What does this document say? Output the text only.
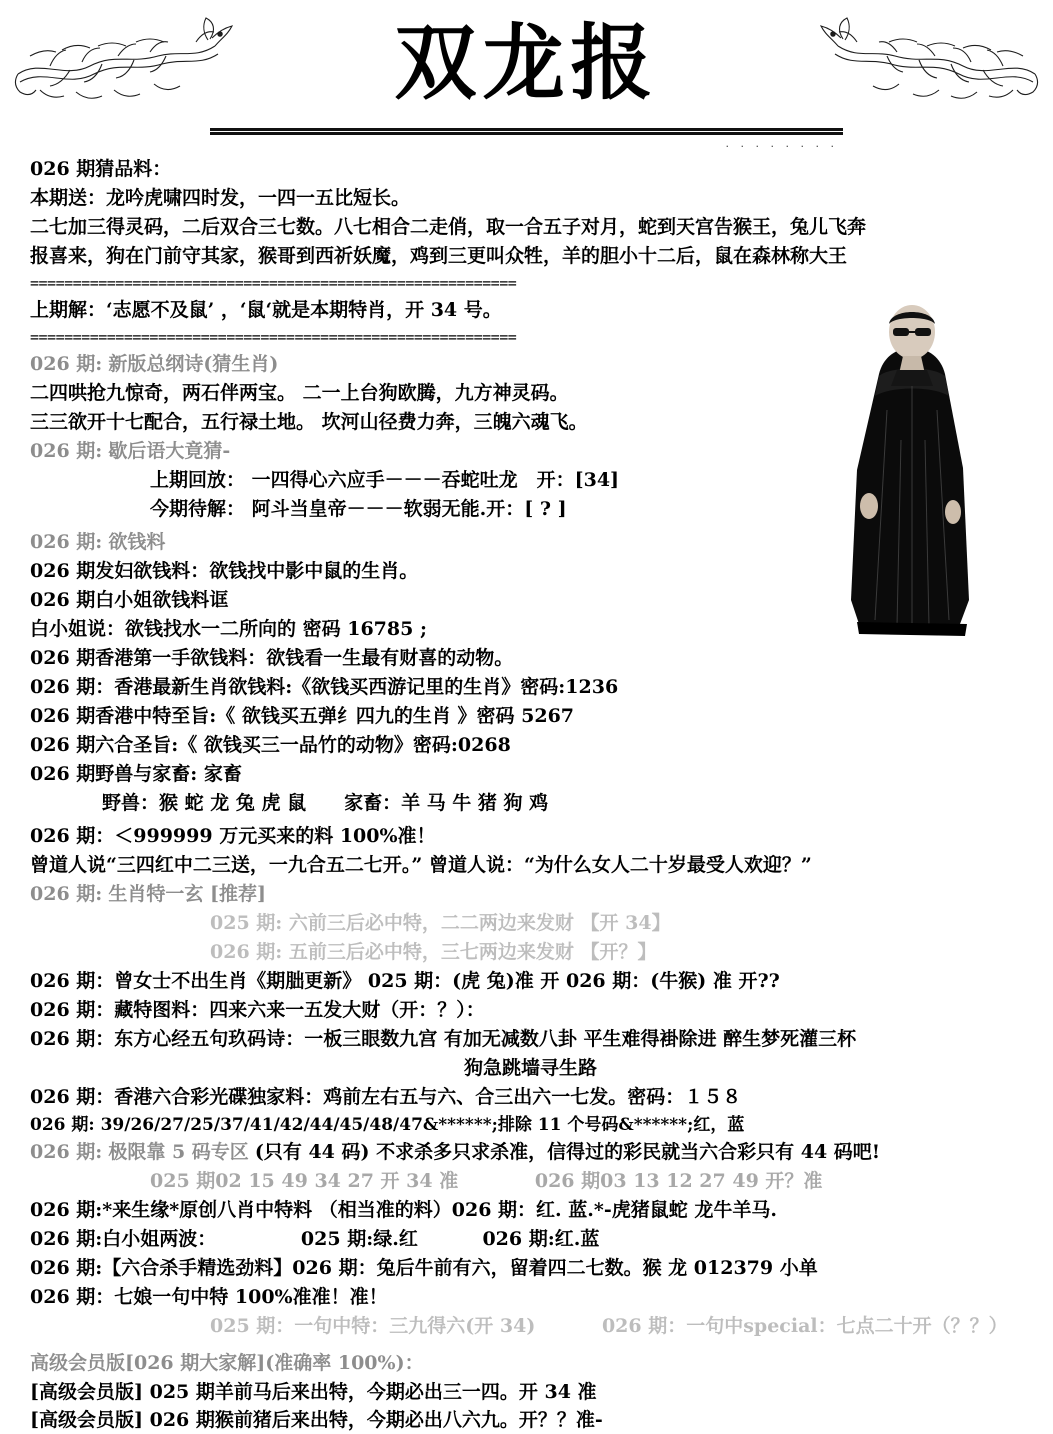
双龙报
· · · · · · · ·
026 期猜品料：
本期送：龙吟虎啸四时发，一四一五比短长。
二七加三得灵码，二后双合三七数。八七相合二走俏，取一合五子对月，蛇到天宫告猴王，兔儿飞奔
报喜来，狗在门前守其家，猴哥到西祈妖魔，鸡到三更叫众牲，羊的胆小十二后，鼠在森林称大王
=========================================================
上期解：‘志愿不及鼠’ ，‘鼠‘就是本期特肖，开 34 号。
=========================================================
026 期: 新版总纲诗(猜生肖)
二四哄抢九惊奇，两石伴两宝。 二一上台狗欧腾，九方神灵码。
三三欲开十七配合，五行禄土地。 坎河山径费力奔，三魄六魂飞。
026 期: 歇后语大竟猜-
上期回放： 一四得心六应手－－－吞蛇吐龙　开：[34]
今期待解： 阿斗当皇帝－－－软弱无能.开：[ ? ]
026 期: 欲钱料
026 期发妇欲钱料：欲钱找中影中鼠的生肖。
026 期白小姐欲钱料诓
白小姐说：欲钱找水一二所向的 密码 16785 ;
026 期香港第一手欲钱料：欲钱看一生最有财喜的动物。
026 期：香港最新生肖欲钱料:《欲钱买西游记里的生肖》密码:1236
026 期香港中特至旨:《 欲钱买五弹纟四九的生肖 》密码 5267
026 期六合圣旨:《 欲钱买三一品竹的动物》密码:0268
026 期野兽与家畜: 家畜
野兽：猴 蛇 龙 兔 虎 鼠　　家畜：羊 马 牛 猪 狗 鸡
026 期：＜999999 万元买来的料 100%准！
曾道人说“三四红中二三送，一九合五二七开。” 曾道人说：“为什么女人二十岁最受人欢迎？”
026 期: 生肖特一玄 [推荐]
025 期: 六前三后必中特，二二两边来发财 【开 34】
026 期: 五前三后必中特，三七两边来发财 【开？】
026 期：曾女士不出生肖《期朏更新》 025 期：(虎 兔)准 开 026 期：(牛猴) 准 开??
026 期：藏特图料：四来六来一五发大财（开：？）：
026 期：东方心经五句玖码诗：一板三眼数九宫 有加无减数八卦 平生难得褂除进 醉生梦死灌三杯
狗急跳墙寻生路
026 期：香港六合彩光碟独家料：鸡前左右五与六、合三出六一七发。密码：１５８
026 期: 39/26/27/25/37/41/42/44/45/48/47&******;排除 11 个号码&******;红，蓝
026 期: 极限靠 5 码专区 (只有 44 码) 不求杀多只求杀准，信得过的彩民就当六合彩只有 44 码吧!
025 期02 15 49 34 27 开 34 准	026 期03 13 12 27 49 开？准
026 期:*来生缘*原创八肖中特料 （相当准的料）026 期：红. 蓝.*-虎猪鼠蛇 龙牛羊马.
026 期:白小姐两波：	025 期:绿.红	026 期:红.蓝
026 期:【六合杀手精选劲料】026 期：兔后牛前有六，留着四二七数。猴 龙 012379 小单
026 期：七娘一句中特 100%准准！准！
025 期：一句中特：三九得六(开 34)	026 期：一句中special：七点二十开（？？）
高级会员版[026 期大家解](准确率 100%)：
[高级会员版] 025 期羊前马后来出特，今期必出三一四。开 34 准
[高级会员版] 026 期猴前猪后来出特，今期必出八六九。开？？准-
